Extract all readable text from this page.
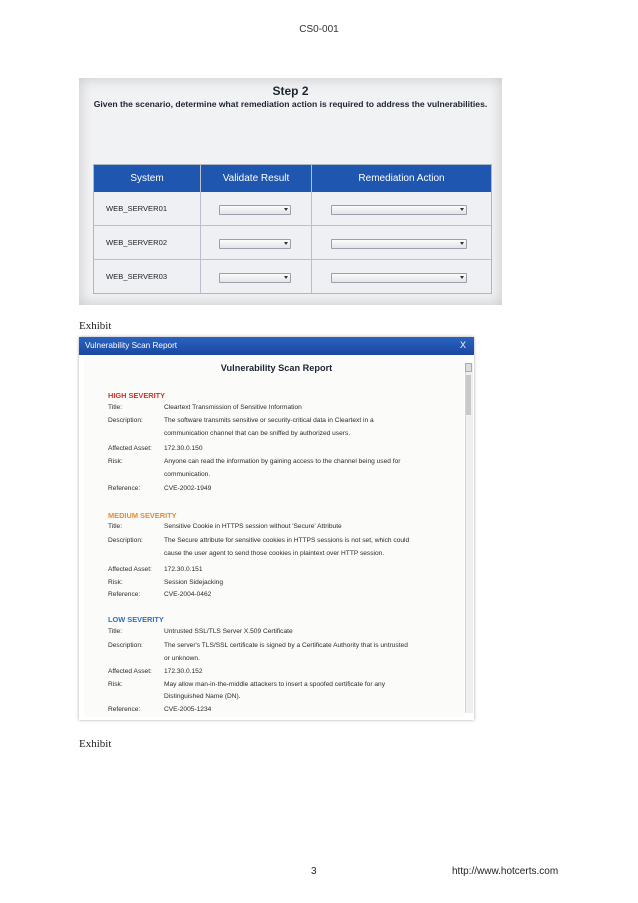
CS0-001
Step 2
Given the scenario, determine what remediation action is required to address the vulnerabilities.
System	Validate Result	Remediation Action
WEB_SERVER01
WEB_SERVER02
WEB_SERVER03
Exhibit
Vulnerability Scan Report	X
Vulnerability Scan Report
HIGH SEVERITY
Title:	Cleartext Transmission of Sensitive Information
Description:	The software transmits sensitive or security-critical data in Cleartext in a
communication channel that can be sniffed by authorized users.
Affected Asset: 172.30.0.150
Risk:	Anyone can read the information by gaining access to the channel being used for
communication.
Reference:	CVE-2002-1949
MEDIUM SEVERITY
Title:	Sensitive Cookie in HTTPS session without 'Secure' Attribute
Description:	The Secure attribute for sensitive cookies in HTTPS sessions is not set, which could
cause the user agent to send those cookies in plaintext over HTTP session.
Affected Asset: 172.30.0.151
Risk:	Session Sidejacking
Reference:	CVE-2004-0462
LOW SEVERITY
Title:	Untrusted SSL/TLS Server X.509 Certificate
Description:	The server's TLS/SSL certificate is signed by a Certificate Authority that is untrusted
or unknown.
Affected Asset: 172.30.0.152
Risk:	May allow man-in-the-middle attackers to insert a spoofed certificate for any
Distinguished Name (DN).
Reference:	CVE-2005-1234
Exhibit
3	http://www.hotcerts.com
